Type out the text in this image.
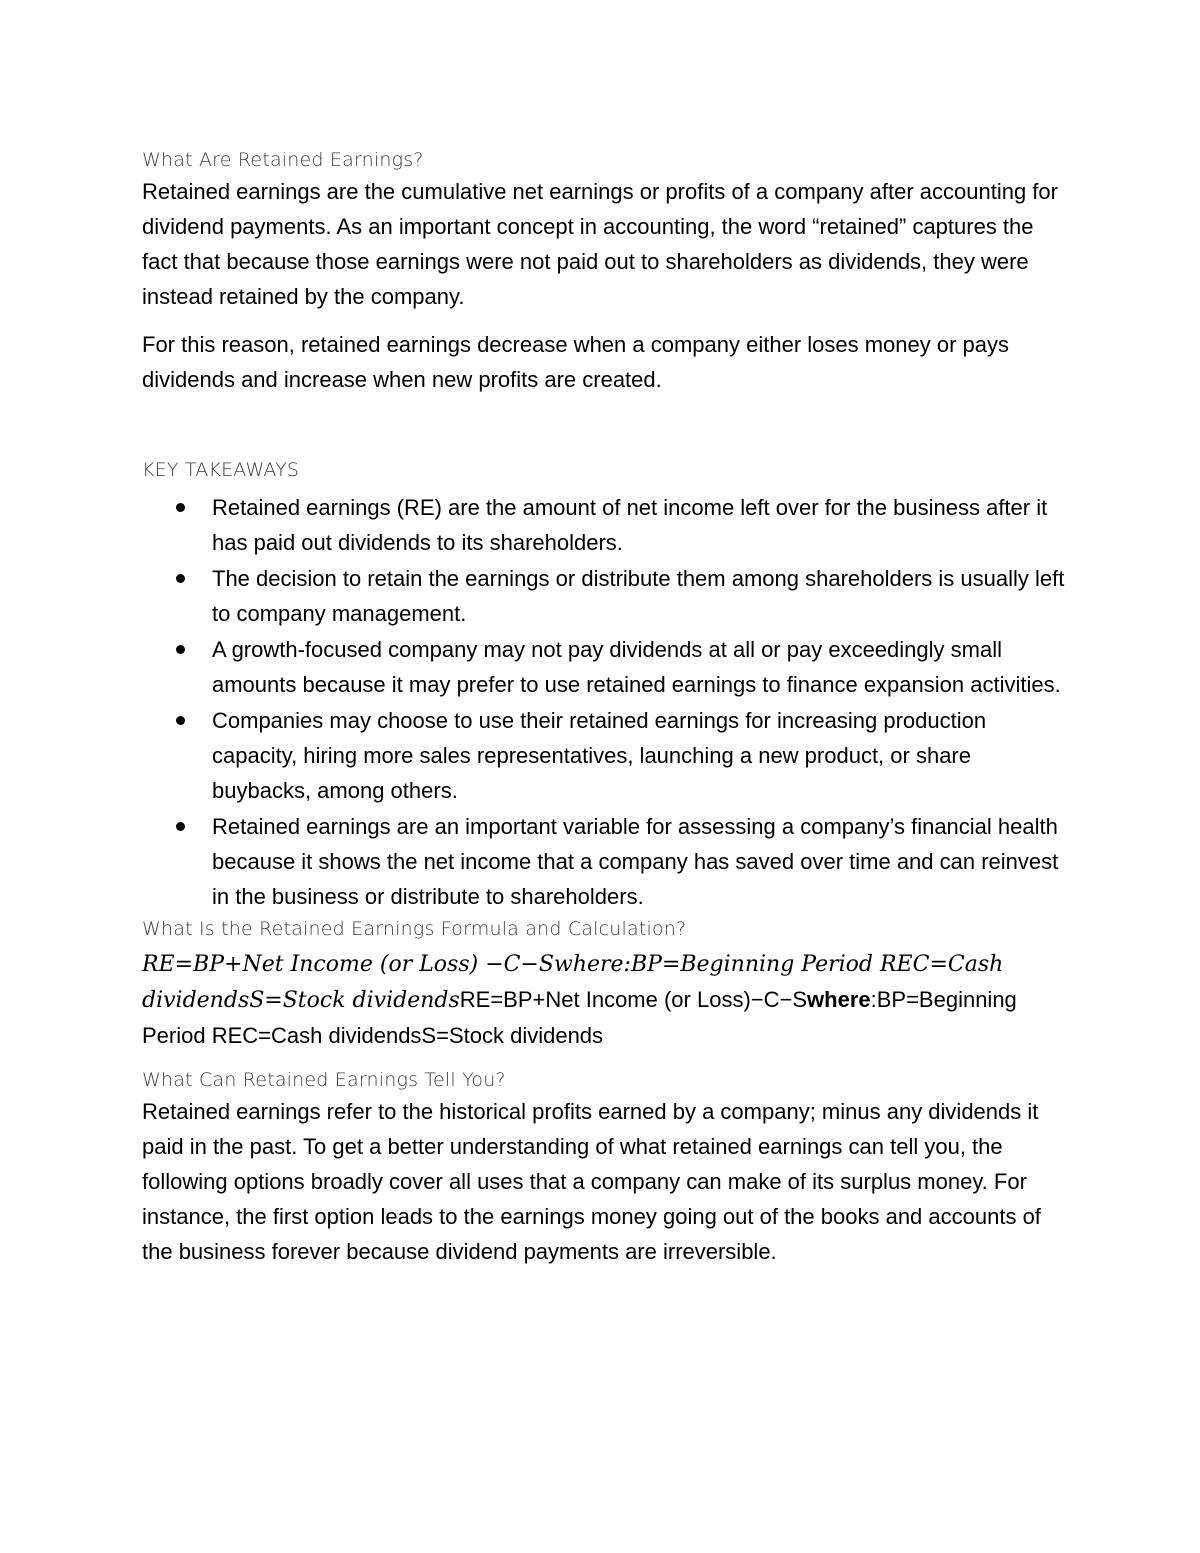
What Are Retained Earnings?

Retained earnings are the cumulative net earnings or profits of a company after accounting for dividend payments. As an important concept in accounting, the word “retained” captures the fact that because those earnings were not paid out to shareholders as dividends, they were instead retained by the company.

For this reason, retained earnings decrease when a company either loses money or pays dividends and increase when new profits are created.

KEY TAKEAWAYS

Retained earnings (RE) are the amount of net income left over for the business after it has paid out dividends to its shareholders.
The decision to retain the earnings or distribute them among shareholders is usually left to company management.
A growth-focused company may not pay dividends at all or pay exceedingly small amounts because it may prefer to use retained earnings to finance expansion activities.
Companies may choose to use their retained earnings for increasing production capacity, hiring more sales representatives, launching a new product, or share buybacks, among others.
Retained earnings are an important variable for assessing a company’s financial health because it shows the net income that a company has saved over time and can reinvest in the business or distribute to shareholders.

What Is the Retained Earnings Formula and Calculation?

RE=BP+Net Income (or Loss) −C−Swhere:BP=Beginning Period REC=Cash dividendsS=Stock dividendsRE=BP+Net Income (or Loss)−C−Swhere:BP=Beginning Period REC=Cash dividendsS=Stock dividends

What Can Retained Earnings Tell You?

Retained earnings refer to the historical profits earned by a company; minus any dividends it paid in the past. To get a better understanding of what retained earnings can tell you, the following options broadly cover all uses that a company can make of its surplus money. For instance, the first option leads to the earnings money going out of the books and accounts of the business forever because dividend payments are irreversible.
